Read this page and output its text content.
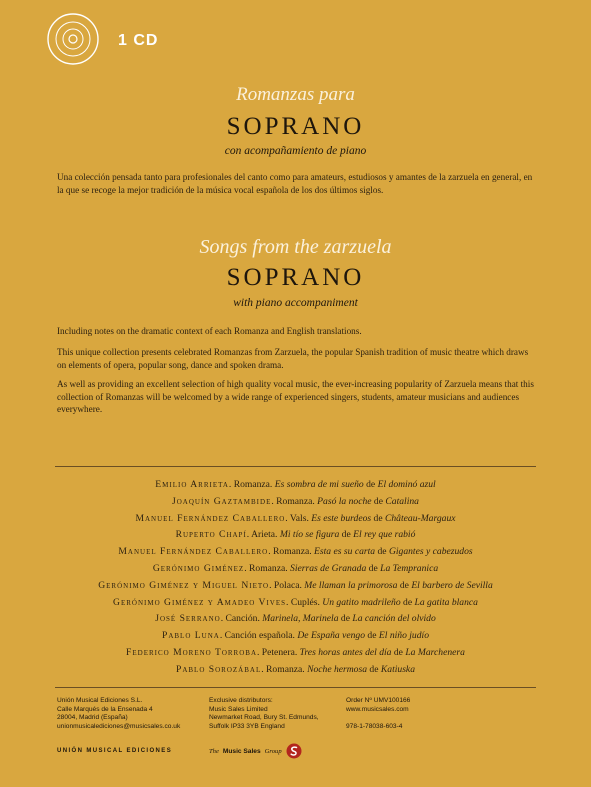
1 CD
Romanzas para
SOPRANO
con acompañamiento de piano

Una colección pensada tanto para profesionales del canto como para amateurs, estudiosos y amantes de la zarzuela en general, en la que se recoge la mejor tradición de la música vocal española de los dos últimos siglos.

Songs from the zarzuela
SOPRANO
with piano accompaniment

Including notes on the dramatic context of each Romanza and English translations.

This unique collection presents celebrated Romanzas from Zarzuela, the popular Spanish tradition of music theatre which draws on elements of opera, popular song, dance and spoken drama.

As well as providing an excellent selection of high quality vocal music, the ever-increasing popularity of Zarzuela means that this collection of Romanzas will be welcomed by a wide range of experienced singers, students, amateur musicians and audiences everywhere.

Emilio Arrieta. Romanza. Es sombra de mi sueño de El dominó azul
Joaquín Gaztambide. Romanza. Pasó la noche de Catalina
Manuel Fernández Caballero. Vals. Es este burdeos de Château-Margaux
Ruperto Chapí. Arieta. Mi tío se figura de El rey que rabió
Manuel Fernández Caballero. Romanza. Esta es su carta de Gigantes y cabezudos
Gerónimo Giménez. Romanza. Sierras de Granada de La Tempranica
Gerónimo Giménez y Miguel Nieto. Polaca. Me llaman la primorosa de El barbero de Sevilla
Gerónimo Giménez y Amadeo Vives. Cuplés. Un gatito madrileño de La gatita blanca
José Serrano. Canción. Marinela, Marinela de La canción del olvido
Pablo Luna. Canción española. De España vengo de El niño judío
Federico Moreno Torroba. Petenera. Tres horas antes del día de La Marchenera
Pablo Sorozábal. Romanza. Noche hermosa de Katiuska
Unión Musical Ediciones S.L.
Calle Marqués de la Ensenada 4
28004, Madrid (España)
unionmusicalediciones@musicsales.co.uk
Exclusive distributors:
Music Sales Limited
Newmarket Road, Bury St. Edmunds,
Suffolk IP33 3YB England
Order Nº UMV100166
www.musicsales.com
978-1-78038-603-4
UNIÓN MUSICAL EDICIONES	The Music Sales Group
